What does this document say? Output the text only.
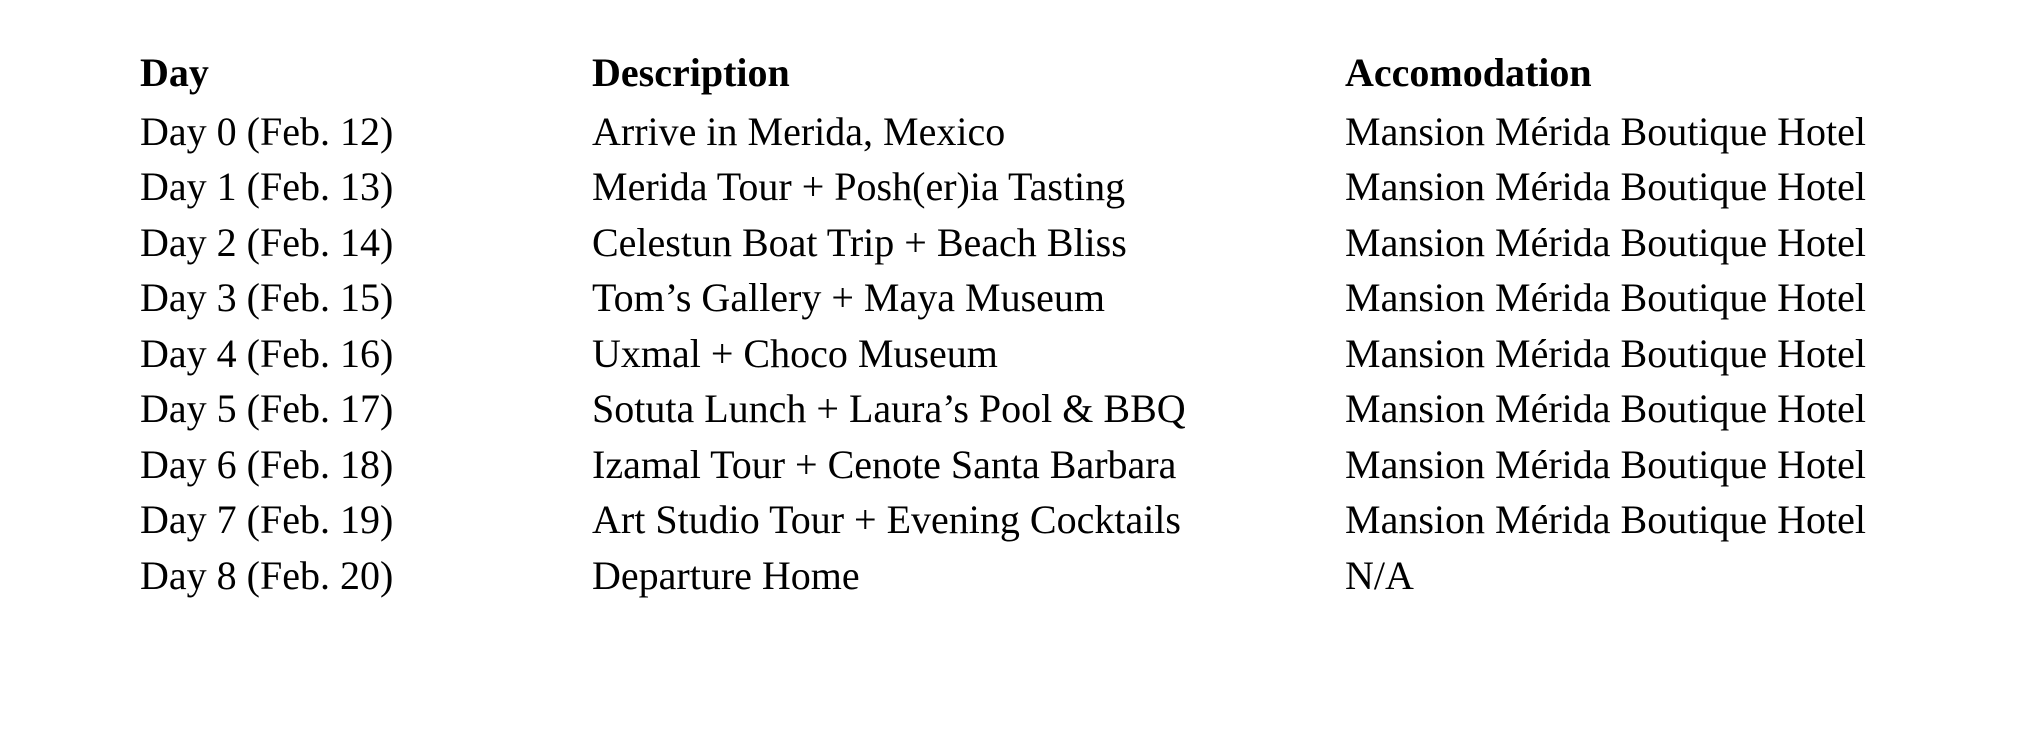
Day	Description	Accomodation
Day 0 (Feb. 12)	Arrive in Merida, Mexico	Mansion Mérida Boutique Hotel
Day 1 (Feb. 13)	Merida Tour + Posh(er)ia Tasting	Mansion Mérida Boutique Hotel
Day 2 (Feb. 14)	Celestun Boat Trip + Beach Bliss	Mansion Mérida Boutique Hotel
Day 3 (Feb. 15)	Tom’s Gallery + Maya Museum	Mansion Mérida Boutique Hotel
Day 4 (Feb. 16)	Uxmal + Choco Museum	Mansion Mérida Boutique Hotel
Day 5 (Feb. 17)	Sotuta Lunch + Laura’s Pool & BBQ	Mansion Mérida Boutique Hotel
Day 6 (Feb. 18)	Izamal Tour + Cenote Santa Barbara	Mansion Mérida Boutique Hotel
Day 7 (Feb. 19)	Art Studio Tour + Evening Cocktails	Mansion Mérida Boutique Hotel
Day 8 (Feb. 20)	Departure Home	N/A
